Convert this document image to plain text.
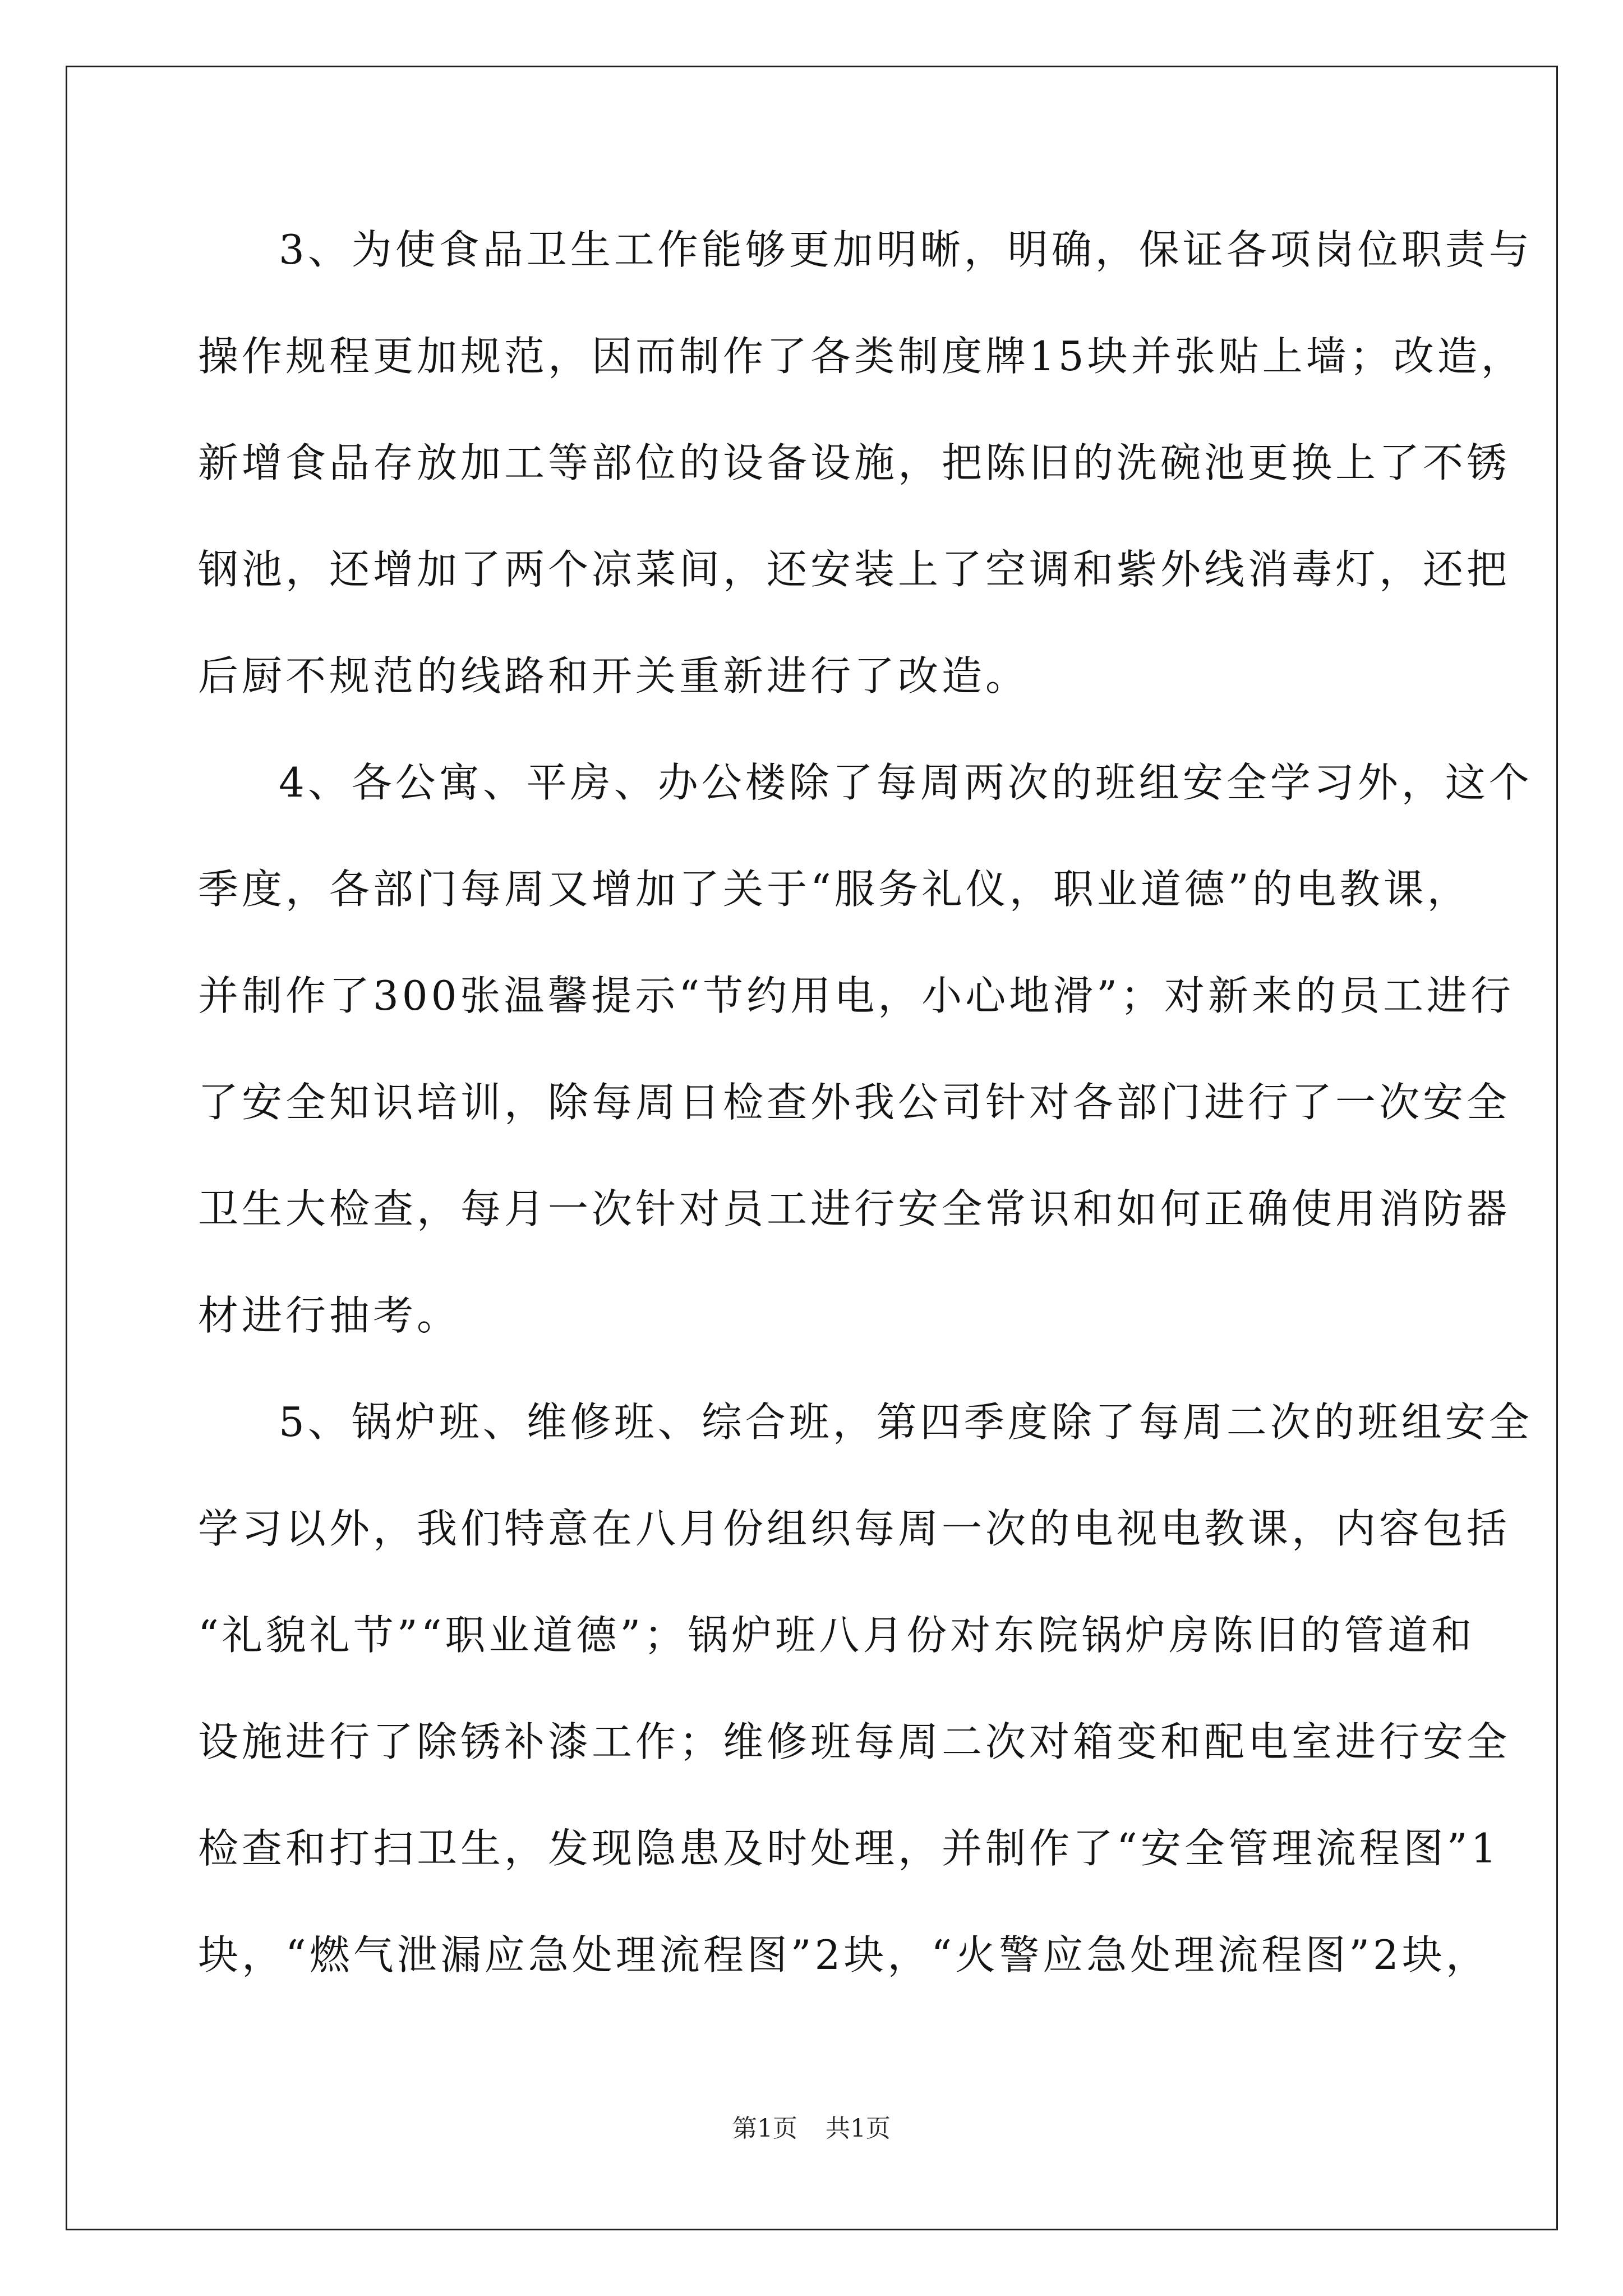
3、为使食品卫生工作能够更加明晰，明确，保证各项岗位职责与
操作规程更加规范，因而制作了各类制度牌15块并张贴上墙；改造，
新增食品存放加工等部位的设备设施，把陈旧的洗碗池更换上了不锈
钢池，还增加了两个凉菜间，还安装上了空调和紫外线消毒灯，还把
后厨不规范的线路和开关重新进行了改造。
4、各公寓、平房、办公楼除了每周两次的班组安全学习外，这个
季度，各部门每周又增加了关于“服务礼仪，职业道德”的电教课，
并制作了300张温馨提示“节约用电，小心地滑”；对新来的员工进行
了安全知识培训，除每周日检查外我公司针对各部门进行了一次安全
卫生大检查，每月一次针对员工进行安全常识和如何正确使用消防器
材进行抽考。
5、锅炉班、维修班、综合班，第四季度除了每周二次的班组安全
学习以外，我们特意在八月份组织每周一次的电视电教课，内容包括
“礼貌礼节”“职业道德”；锅炉班八月份对东院锅炉房陈旧的管道和
设施进行了除锈补漆工作；维修班每周二次对箱变和配电室进行安全
检查和打扫卫生，发现隐患及时处理，并制作了“安全管理流程图”1
块，“燃气泄漏应急处理流程图”2块，“火警应急处理流程图”2块，
第1页 共1页
